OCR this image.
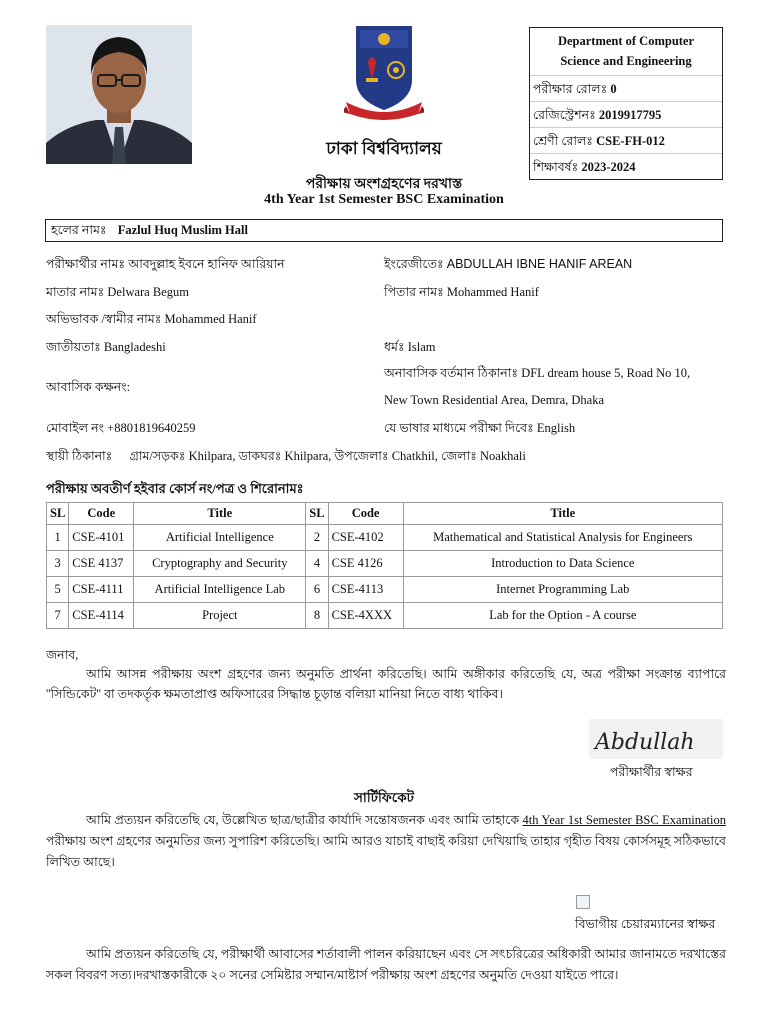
Department of Computer
Science and Engineering
পরীক্ষার রোলঃ 0
রেজিস্ট্রেশনঃ 2019917795
শ্রেণী রোলঃ CSE-FH-012
শিক্ষাবর্ষঃ 2023-2024
ঢাকা বিশ্ববিদ্যালয়
পরীক্ষায় অংশগ্রহণের দরখাস্ত
4th Year 1st Semester BSC Examination
হলের নামঃ Fazlul Huq Muslim Hall
পরীক্ষার্থীর নামঃ আবদুল্লাহ ইবনে হানিফ আরিয়ান	ইংরেজীতেঃ ABDULLAH IBNE HANIF AREAN
মাতার নামঃ Delwara Begum	পিতার নামঃ Mohammed Hanif
অভিভাবক /স্বামীর নামঃ Mohammed Hanif
জাতীয়তাঃ Bangladeshi	ধর্মঃ Islam
আবাসিক কক্ষনং:
অনাবাসিক বর্তমান ঠিকানাঃ DFL dream house 5, Road No 10,
New Town Residential Area, Demra, Dhaka
মোবাইল নং +8801819640259	যে ভাষার মাধ্যমে পরীক্ষা দিবেঃ English
স্থায়ী ঠিকানাঃ গ্রাম/সড়কঃ Khilpara, ডাকঘরঃ Khilpara, উপজেলাঃ Chatkhil, জেলাঃ Noakhali
পরীক্ষায় অবতীর্ণ হইবার কোর্স নং/পত্র ও শিরোনামঃ
SL	Code	Title	SL	Code	Title
1	CSE-4101	Artificial Intelligence	2	CSE-4102	Mathematical and Statistical Analysis for Engineers
3	CSE 4137	Cryptography and Security	4	CSE 4126	Introduction to Data Science
5	CSE-4111	Artificial Intelligence Lab	6	CSE-4113	Internet Programming Lab
7	CSE-4114	Project	8	CSE-4XXX	Lab for the Option - A course
জনাব,
আমি আসন্ন পরীক্ষায় অংশ গ্রহণের জন্য অনুমতি প্রার্থনা করিতেছি। আমি অঙ্গীকার করিতেছি যে, অত্র পরীক্ষা সংক্রান্ত ব্যাপারে ''সিন্ডিকেট'' বা তদকর্তৃক ক্ষমতাপ্রাপ্ত অফিসারের সিদ্ধান্ত চূড়ান্ত বলিয়া মানিয়া নিতে বাধ্য থাকিব।
Abdullah
পরীক্ষার্থীর স্বাক্ষর
সার্টিফিকেট
আমি প্রত্যয়ন করিতেছি যে, উল্লেখিত ছাত্র/ছাত্রীর কার্যাদি সন্তোষজনক এবং আমি তাহাকে 4th Year 1st Semester BSC Examination পরীক্ষায় অংশ গ্রহণের অনুমতির জন্য সুপারিশ করিতেছি। আমি আরও যাচাই বাছাই করিয়া দেখিয়াছি তাহার গৃহীত বিষয় কোর্সসমূহ সঠিকভাবে লিখিত আছে।
বিভাগীয় চেয়ারম্যানের স্বাক্ষর
আমি প্রত্যয়ন করিতেছি যে, পরীক্ষার্থী আবাসের শর্তাবালী পালন করিয়াছেন এবং সে সৎচরিত্রের অধিকারী আমার জানামতে দরখাস্তের সকল বিবরণ সত্য।দরখাস্তকারীকে ২০ সনের সেমিষ্টার সম্মান/মাষ্টার্স পরীক্ষায় অংশ গ্রহণের অনুমতি দেওয়া যাইতে পারে।
